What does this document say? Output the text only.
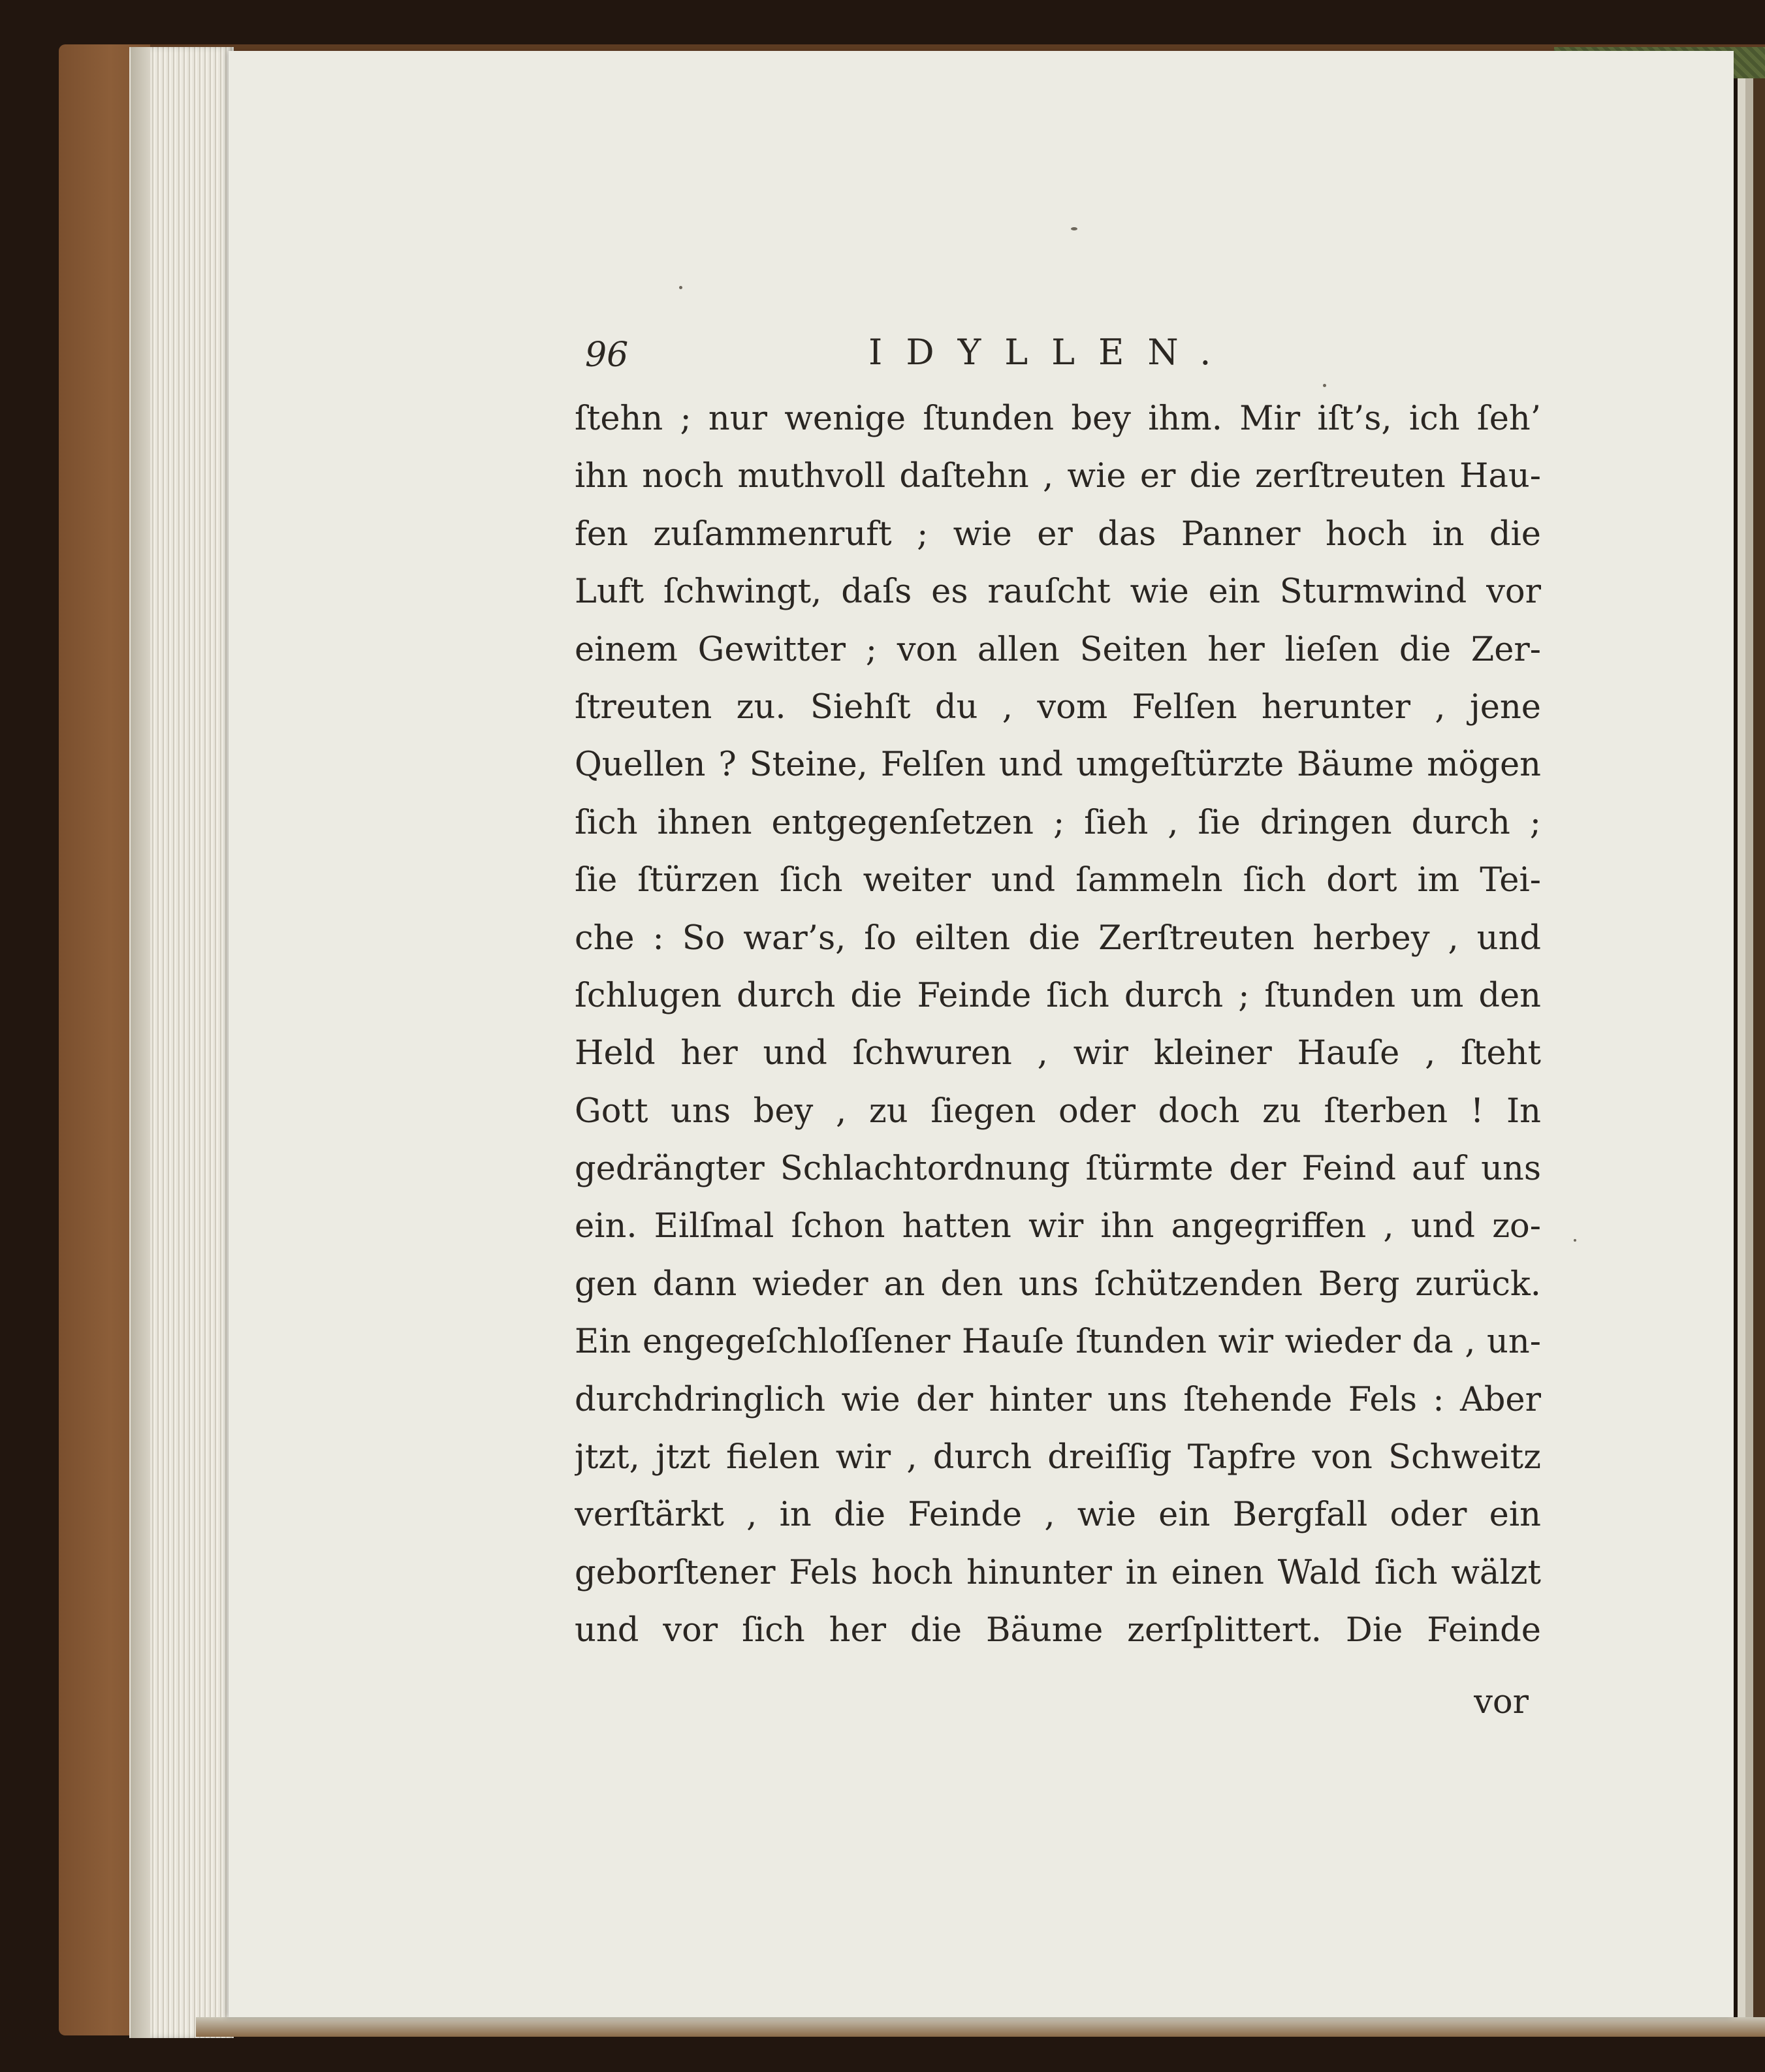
96	IDYLLEN.
ſtehn ; nur wenige ſtunden bey ihm. Mir iſt’s, ich ſeh’
ihn noch muthvoll daſtehn , wie er die zerſtreuten Hau-
fen zuſammenruft ; wie er das Panner hoch in die
Luft ſchwingt, daſs es rauſcht wie ein Sturmwind vor
einem Gewitter ; von allen Seiten her lieſen die Zer-
ſtreuten zu. Siehſt du , vom Felſen herunter , jene
Quellen ? Steine, Felſen und umgeſtürzte Bäume mögen
ſich ihnen entgegenſetzen ; ſieh , ſie dringen durch ;
ſie ſtürzen ſich weiter und ſammeln ſich dort im Tei-
che : So war’s, ſo eilten die Zerſtreuten herbey , und
ſchlugen durch die Feinde ſich durch ; ſtunden um den
Held her und ſchwuren , wir kleiner Hauſe , ſteht
Gott uns bey , zu ſiegen oder doch zu ſterben ! In
gedrängter Schlachtordnung ſtürmte der Feind auf uns
ein. Eilſmal ſchon hatten wir ihn angegriffen , und zo-
gen dann wieder an den uns ſchützenden Berg zurück.
Ein engegeſchloſſener Hauſe ſtunden wir wieder da , un-
durchdringlich wie der hinter uns ſtehende Fels : Aber
jtzt, jtzt fielen wir , durch dreiſſig Tapfre von Schweitz
verſtärkt , in die Feinde , wie ein Bergfall oder ein
geborſtener Fels hoch hinunter in einen Wald ſich wälzt
und vor ſich her die Bäume zerſplittert. Die Feinde
vor
